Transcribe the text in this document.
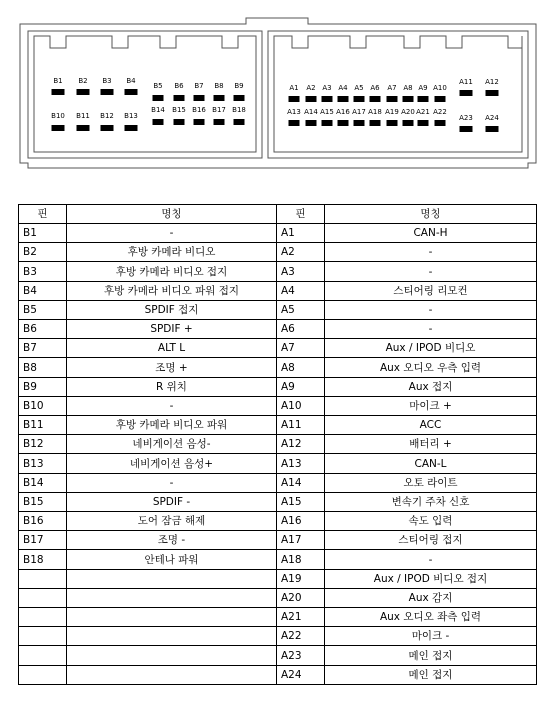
B1 B2 B3 B4
B5 B6 B7 B8 B9
B10 B11 B12 B13
B14 B15 B16 B17 B18
A1 A2 A3 A4 A5 A6 A7 A8 A9 A10
A11 A12
A13 A14 A15 A16 A17 A18 A19 A20 A21 A22
A23 A24
핀	명칭	핀	명칭
B1	-	A1	CAN-H
B2	후방 카메라 비디오	A2	-
B3	후방 카메라 비디오 접지	A3	-
B4	후방 카메라 비디오 파워 접지	A4	스티어링 리모컨
B5	SPDIF 접지	A5	-
B6	SPDIF +	A6	-
B7	ALT L	A7	Aux / IPOD 비디오
B8	조명 +	A8	Aux 오디오 우측 입력
B9	R 위치	A9	Aux 접지
B10	-	A10	마이크 +
B11	후방 카메라 비디오 파워	A11	ACC
B12	네비게이션 음성-	A12	배터리 +
B13	네비게이션 음성+	A13	CAN-L
B14	-	A14	오토 라이트
B15	SPDIF -	A15	변속기 주차 신호
B16	도어 잠금 해제	A16	속도 입력
B17	조명 -	A17	스티어링 접지
B18	안테나 파워	A18	-
		A19	Aux / IPOD 비디오 접지
		A20	Aux 감지
		A21	Aux 오디오 좌측 입력
		A22	마이크 -
		A23	메인 접지
		A24	메인 접지
